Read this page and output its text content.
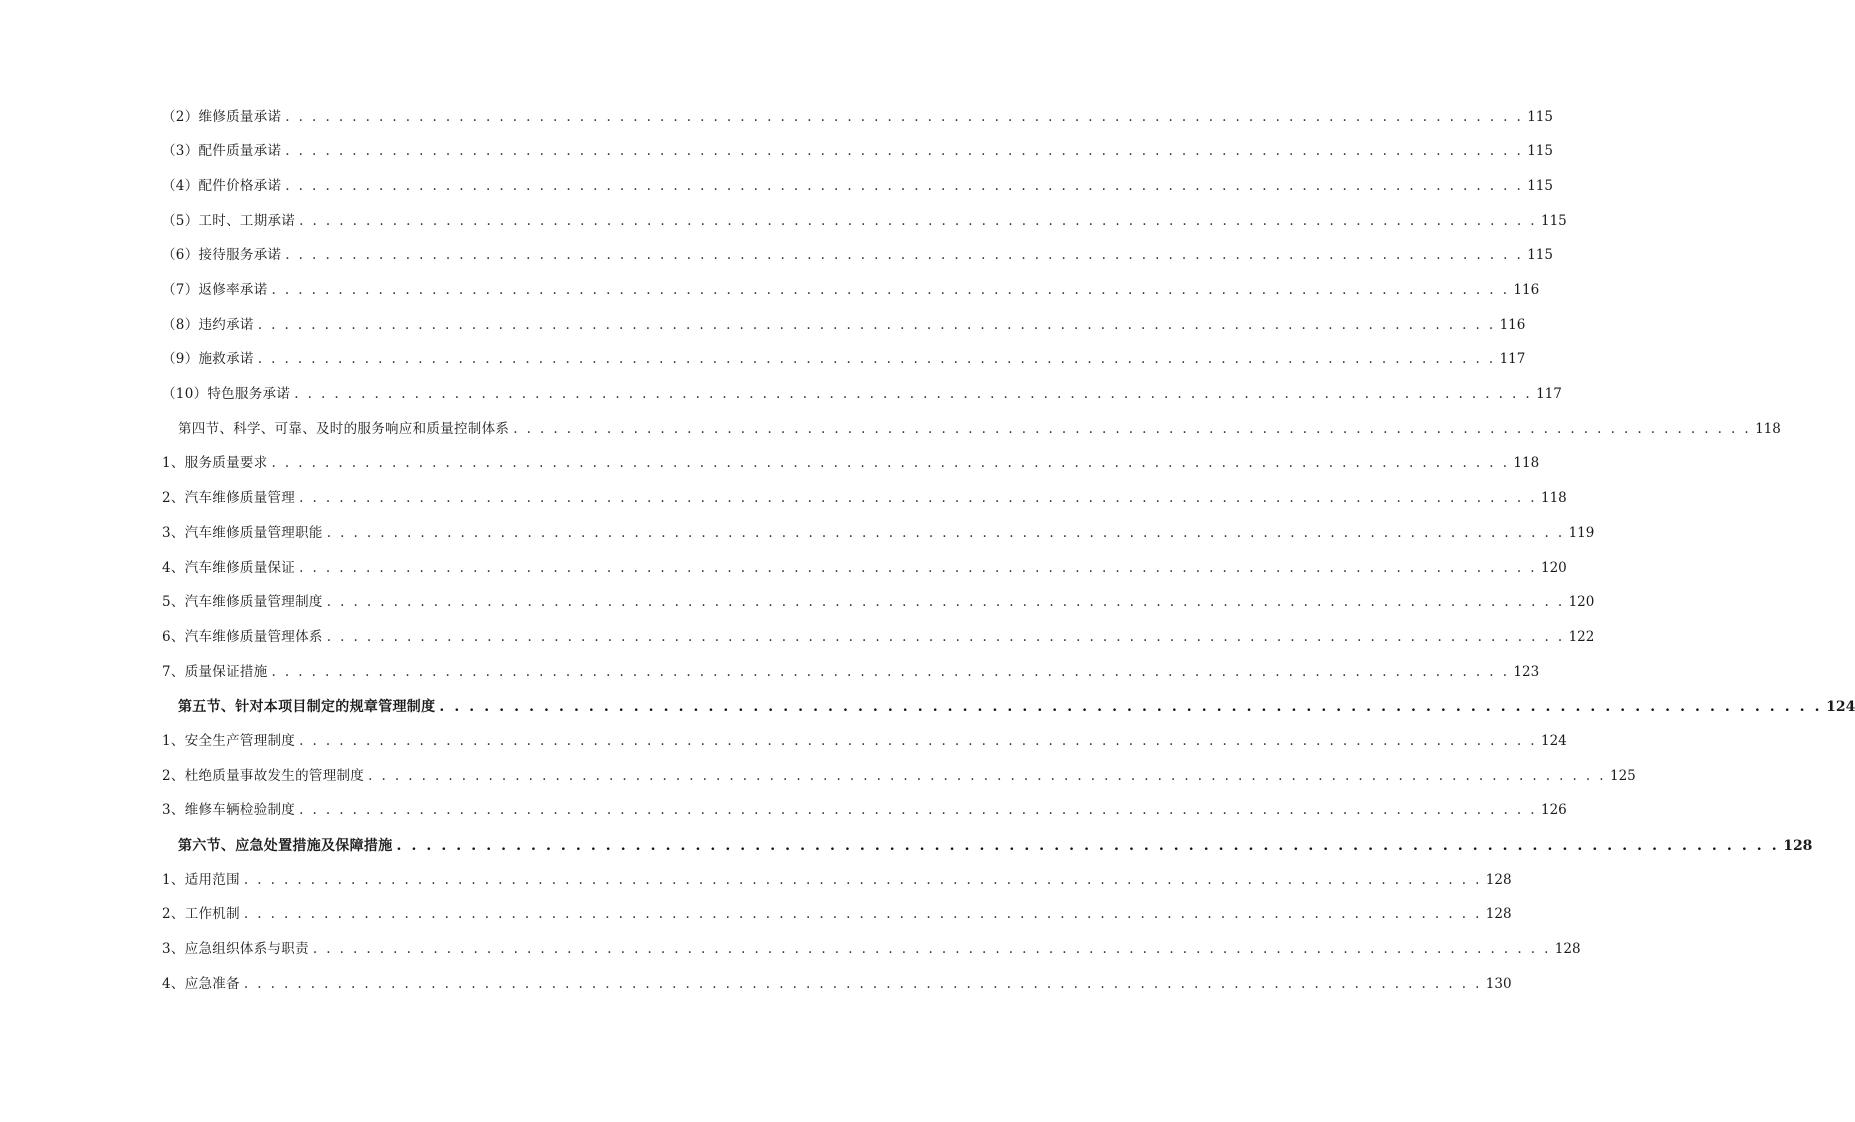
（2）维修质量承诺 . . . . . . . . . . . . . . . . . . . . . . . . . . . . . . . . . . . . . . . . . . . . . . . . . . . . . . . . . . . . . . . . . . . . . . . . . . . . . . . . . . . . . . . . . . . . . 115
（3）配件质量承诺 . . . . . . . . . . . . . . . . . . . . . . . . . . . . . . . . . . . . . . . . . . . . . . . . . . . . . . . . . . . . . . . . . . . . . . . . . . . . . . . . . . . . . . . . . . . . . 115
（4）配件价格承诺 . . . . . . . . . . . . . . . . . . . . . . . . . . . . . . . . . . . . . . . . . . . . . . . . . . . . . . . . . . . . . . . . . . . . . . . . . . . . . . . . . . . . . . . . . . . . . 115
（5）工时、工期承诺 . . . . . . . . . . . . . . . . . . . . . . . . . . . . . . . . . . . . . . . . . . . . . . . . . . . . . . . . . . . . . . . . . . . . . . . . . . . . . . . . . . . . . . . . . . . . . 115
（6）接待服务承诺 . . . . . . . . . . . . . . . . . . . . . . . . . . . . . . . . . . . . . . . . . . . . . . . . . . . . . . . . . . . . . . . . . . . . . . . . . . . . . . . . . . . . . . . . . . . . . 115
（7）返修率承诺 . . . . . . . . . . . . . . . . . . . . . . . . . . . . . . . . . . . . . . . . . . . . . . . . . . . . . . . . . . . . . . . . . . . . . . . . . . . . . . . . . . . . . . . . . . . . . 116
（8）违约承诺 . . . . . . . . . . . . . . . . . . . . . . . . . . . . . . . . . . . . . . . . . . . . . . . . . . . . . . . . . . . . . . . . . . . . . . . . . . . . . . . . . . . . . . . . . . . . . 116
（9）施救承诺 . . . . . . . . . . . . . . . . . . . . . . . . . . . . . . . . . . . . . . . . . . . . . . . . . . . . . . . . . . . . . . . . . . . . . . . . . . . . . . . . . . . . . . . . . . . . . 117
（10）特色服务承诺 . . . . . . . . . . . . . . . . . . . . . . . . . . . . . . . . . . . . . . . . . . . . . . . . . . . . . . . . . . . . . . . . . . . . . . . . . . . . . . . . . . . . . . . . . . . . . 117
第四节、科学、可靠、及时的服务响应和质量控制体系 . . . . . . . . . . . . . . . . . . . . . . . . . . . . . . . . . . . . . . . . . . . . . . . . . . . . . . . . . . . . . . . . . . . . . . . . . . . . . . . . . . . . . . . . . . . . . 118
1、服务质量要求 . . . . . . . . . . . . . . . . . . . . . . . . . . . . . . . . . . . . . . . . . . . . . . . . . . . . . . . . . . . . . . . . . . . . . . . . . . . . . . . . . . . . . . . . . . . . . 118
2、汽车维修质量管理 . . . . . . . . . . . . . . . . . . . . . . . . . . . . . . . . . . . . . . . . . . . . . . . . . . . . . . . . . . . . . . . . . . . . . . . . . . . . . . . . . . . . . . . . . . . . . 118
3、汽车维修质量管理职能 . . . . . . . . . . . . . . . . . . . . . . . . . . . . . . . . . . . . . . . . . . . . . . . . . . . . . . . . . . . . . . . . . . . . . . . . . . . . . . . . . . . . . . . . . . . . . 119
4、汽车维修质量保证 . . . . . . . . . . . . . . . . . . . . . . . . . . . . . . . . . . . . . . . . . . . . . . . . . . . . . . . . . . . . . . . . . . . . . . . . . . . . . . . . . . . . . . . . . . . . . 120
5、汽车维修质量管理制度 . . . . . . . . . . . . . . . . . . . . . . . . . . . . . . . . . . . . . . . . . . . . . . . . . . . . . . . . . . . . . . . . . . . . . . . . . . . . . . . . . . . . . . . . . . . . . 120
6、汽车维修质量管理体系 . . . . . . . . . . . . . . . . . . . . . . . . . . . . . . . . . . . . . . . . . . . . . . . . . . . . . . . . . . . . . . . . . . . . . . . . . . . . . . . . . . . . . . . . . . . . . 122
7、质量保证措施 . . . . . . . . . . . . . . . . . . . . . . . . . . . . . . . . . . . . . . . . . . . . . . . . . . . . . . . . . . . . . . . . . . . . . . . . . . . . . . . . . . . . . . . . . . . . . 123
第五节、针对本项目制定的规章管理制度 . . . . . . . . . . . . . . . . . . . . . . . . . . . . . . . . . . . . . . . . . . . . . . . . . . . . . . . . . . . . . . . . . . . . . . . . . . . . . . . . . . . . . . . . . . . . . 124
1、安全生产管理制度 . . . . . . . . . . . . . . . . . . . . . . . . . . . . . . . . . . . . . . . . . . . . . . . . . . . . . . . . . . . . . . . . . . . . . . . . . . . . . . . . . . . . . . . . . . . . . 124
2、杜绝质量事故发生的管理制度 . . . . . . . . . . . . . . . . . . . . . . . . . . . . . . . . . . . . . . . . . . . . . . . . . . . . . . . . . . . . . . . . . . . . . . . . . . . . . . . . . . . . . . . . . . . . . 125
3、维修车辆检验制度 . . . . . . . . . . . . . . . . . . . . . . . . . . . . . . . . . . . . . . . . . . . . . . . . . . . . . . . . . . . . . . . . . . . . . . . . . . . . . . . . . . . . . . . . . . . . . 126
第六节、应急处置措施及保障措施 . . . . . . . . . . . . . . . . . . . . . . . . . . . . . . . . . . . . . . . . . . . . . . . . . . . . . . . . . . . . . . . . . . . . . . . . . . . . . . . . . . . . . . . . . . . . . 128
1、适用范围 . . . . . . . . . . . . . . . . . . . . . . . . . . . . . . . . . . . . . . . . . . . . . . . . . . . . . . . . . . . . . . . . . . . . . . . . . . . . . . . . . . . . . . . . . . . . . 128
2、工作机制 . . . . . . . . . . . . . . . . . . . . . . . . . . . . . . . . . . . . . . . . . . . . . . . . . . . . . . . . . . . . . . . . . . . . . . . . . . . . . . . . . . . . . . . . . . . . . 128
3、应急组织体系与职责 . . . . . . . . . . . . . . . . . . . . . . . . . . . . . . . . . . . . . . . . . . . . . . . . . . . . . . . . . . . . . . . . . . . . . . . . . . . . . . . . . . . . . . . . . . . . . 128
4、应急准备 . . . . . . . . . . . . . . . . . . . . . . . . . . . . . . . . . . . . . . . . . . . . . . . . . . . . . . . . . . . . . . . . . . . . . . . . . . . . . . . . . . . . . . . . . . . . . 130
